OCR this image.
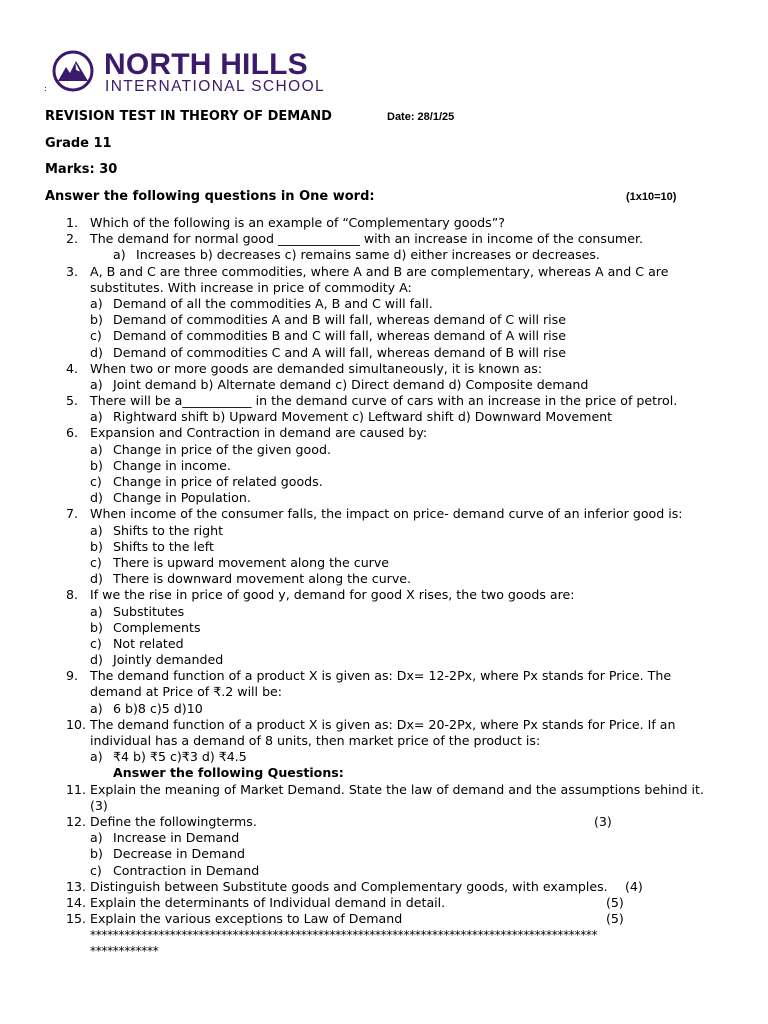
NORTH HILLS
INTERNATIONAL SCHOOL
:
REVISION TEST IN THEORY OF DEMAND	Date: 28/1/25
Grade 11
Marks: 30
Answer the following questions in One word:	(1x10=10)
1. Which of the following is an example of “Complementary goods”?
2. The demand for normal good _____________ with an increase in income of the consumer.
a) Increases b) decreases c) remains same d) either increases or decreases.
3. A, B and C are three commodities, where A and B are complementary, whereas A and C are
substitutes. With increase in price of commodity A:
a) Demand of all the commodities A, B and C will fall.
b) Demand of commodities A and B will fall, whereas demand of C will rise
c) Demand of commodities B and C will fall, whereas demand of A will rise
d) Demand of commodities C and A will fall, whereas demand of B will rise
4. When two or more goods are demanded simultaneously, it is known as:
a) Joint demand b) Alternate demand c) Direct demand d) Composite demand
5. There will be a___________ in the demand curve of cars with an increase in the price of petrol.
a) Rightward shift b) Upward Movement c) Leftward shift d) Downward Movement
6. Expansion and Contraction in demand are caused by:
a) Change in price of the given good.
b) Change in income.
c) Change in price of related goods.
d) Change in Population.
7. When income of the consumer falls, the impact on price- demand curve of an inferior good is:
a) Shifts to the right
b) Shifts to the left
c) There is upward movement along the curve
d) There is downward movement along the curve.
8. If we the rise in price of good y, demand for good X rises, the two goods are:
a) Substitutes
b) Complements
c) Not related
d) Jointly demanded
9. The demand function of a product X is given as: Dx= 12-2Px, where Px stands for Price. The
demand at Price of ₹.2 will be:
a) 6 b)8 c)5 d)10
10. The demand function of a product X is given as: Dx= 20-2Px, where Px stands for Price. If an
individual has a demand of 8 units, then market price of the product is:
a) ₹4 b) ₹5 c)₹3 d) ₹4.5
Answer the following Questions:
11. Explain the meaning of Market Demand. State the law of demand and the assumptions behind it.
(3)
12. Define the followingterms.	(3)
a) Increase in Demand
b) Decrease in Demand
c) Contraction in Demand
13. Distinguish between Substitute goods and Complementary goods, with examples. (4)
14. Explain the determinants of Individual demand in detail.	(5)
15. Explain the various exceptions to Law of Demand	(5)
*****************************************************************************************
************
